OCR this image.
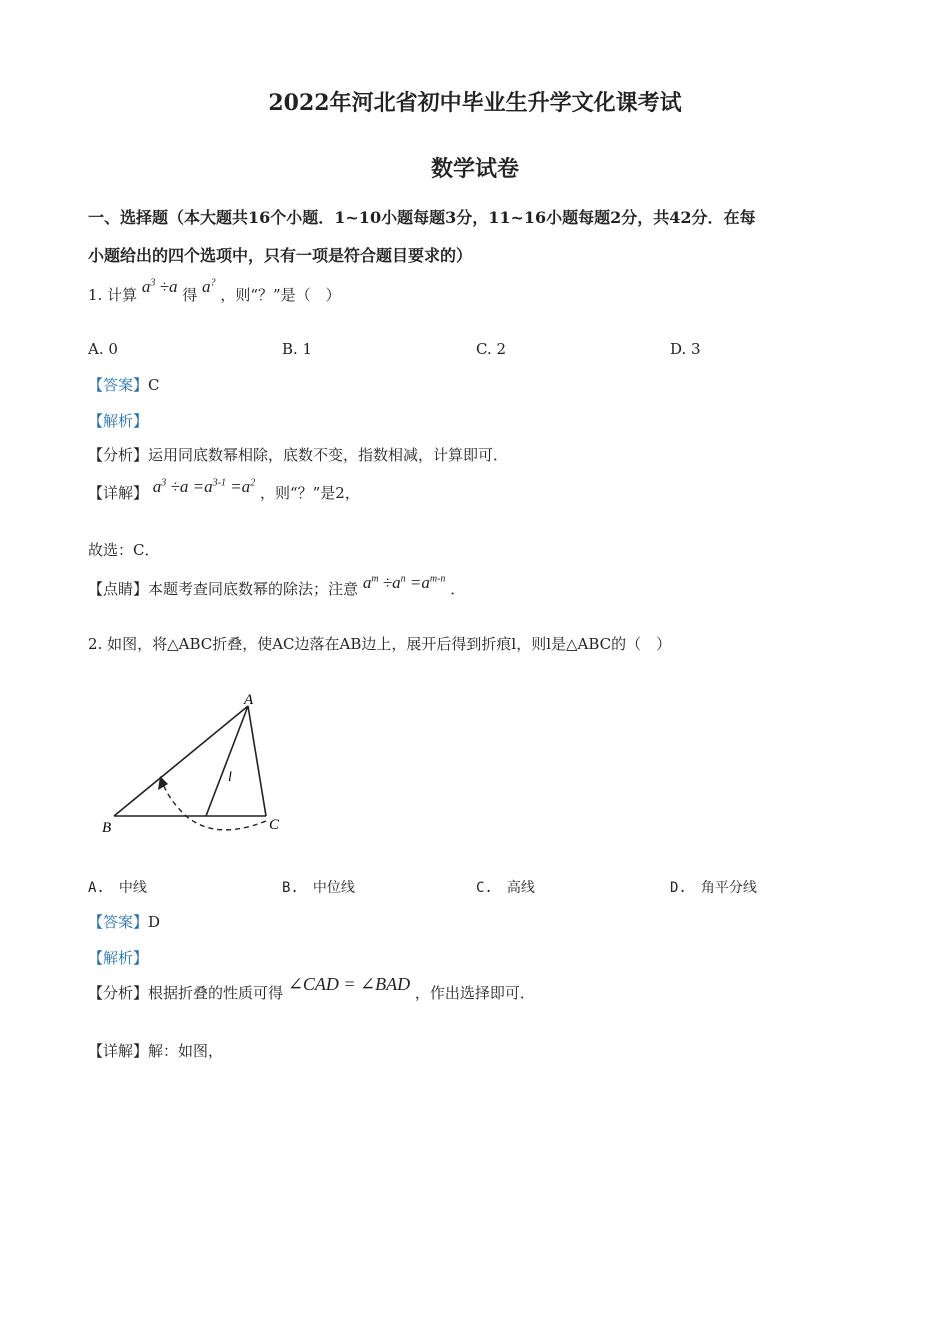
2022年河北省初中毕业生升学文化课考试
数学试卷
一、选择题（本大题共16个小题．1~10小题每题3分，11~16小题每题2分，共42分．在每
小题给出的四个选项中，只有一项是符合题目要求的）
1. 计算 $a^3 \div a$ 得 a? ，则“？”是（　）
A. 0	B. 1	C. 2	D. 3
【答案】C
【解析】
【分析】运用同底数幂相除，底数不变，指数相减，计算即可．
【详解】 $a^3 \div a =a^{3-1} =a^2$ ，则“？”是2，
故选：C．
【点睛】本题考查同底数幂的除法；注意 $a^m \div a^n =a^{m-n}$ ．
2. 如图，将△ABC折叠，使AC边落在AB边上，展开后得到折痕l，则l是△ABC的（　）
A
B	C
l
A.　中线	B.　中位线	C.　高线	D.　角平分线
【答案】D
【解析】
【分析】根据折叠的性质可得 ∠CAD = ∠BAD ，作出选择即可．
【详解】解：如图，
